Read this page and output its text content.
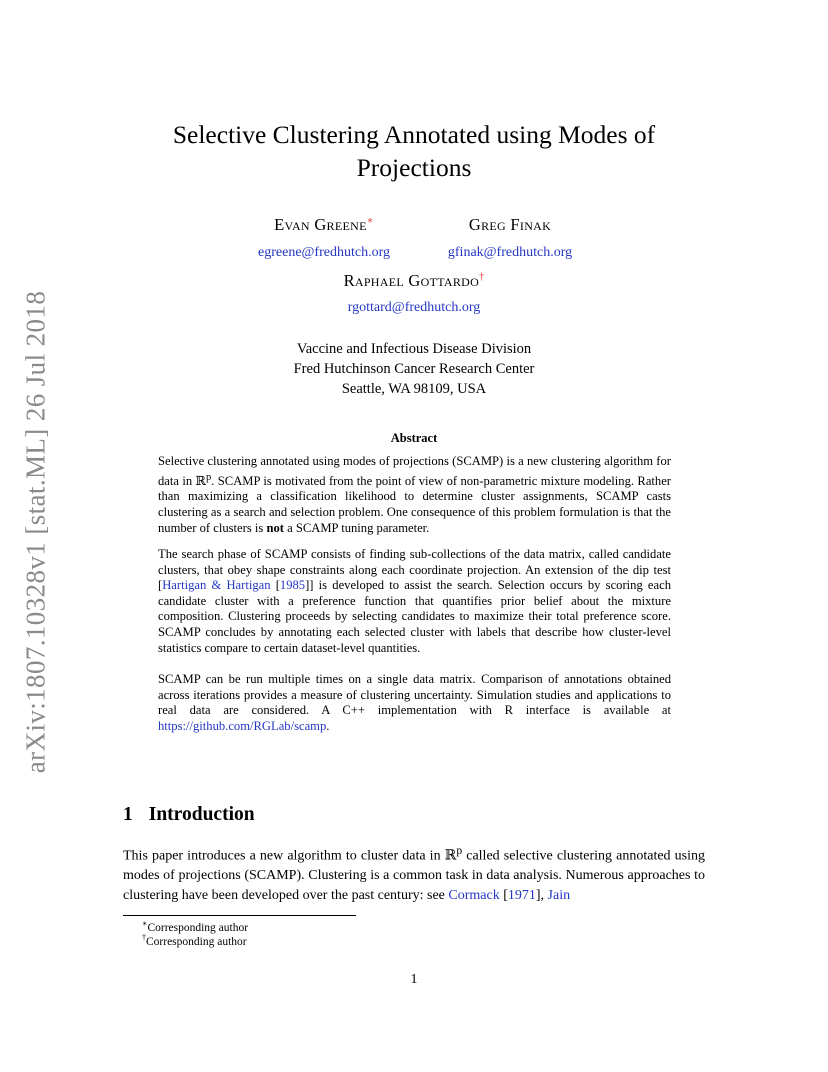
arXiv:1807.10328v1 [stat.ML] 26 Jul 2018
Selective Clustering Annotated using Modes of
Projections
Evan Greene∗	Greg Finak
egreene@fredhutch.org	gfinak@fredhutch.org
Raphael Gottardo†
rgottard@fredhutch.org
Vaccine and Infectious Disease Division
Fred Hutchinson Cancer Research Center
Seattle, WA 98109, USA
Abstract
Selective clustering annotated using modes of projections (SCAMP) is a new clustering algorithm for data in ℝ$^p$. SCAMP is motivated from the point of view of non-parametric mixture modeling. Rather than maximizing a classification likelihood to determine cluster assignments, SCAMP casts clustering as a search and selection problem. One consequence of this problem formulation is that the number of clusters is not a SCAMP tuning parameter.
The search phase of SCAMP consists of finding sub-collections of the data matrix, called candidate clusters, that obey shape constraints along each coordinate projection. An extension of the dip test [Hartigan & Hartigan [1985]] is developed to assist the search. Selection occurs by scoring each candidate cluster with a preference function that quantifies prior belief about the mixture composition. Clustering proceeds by selecting candidates to maximize their total preference score. SCAMP concludes by annotating each selected cluster with labels that describe how cluster-level statistics compare to certain dataset-level quantities.
SCAMP can be run multiple times on a single data matrix. Comparison of annotations obtained across iterations provides a measure of clustering uncertainty. Simulation studies and applications to real data are considered. A C++ implementation with R interface is available at https://github.com/RGLab/scamp.
1 Introduction
This paper introduces a new algorithm to cluster data in ℝ$^p$ called selective clustering annotated using modes of projections (SCAMP). Clustering is a common task in data analysis. Numerous approaches to clustering have been developed over the past century: see Cormack [1971], Jain
∗Corresponding author
†Corresponding author
1
